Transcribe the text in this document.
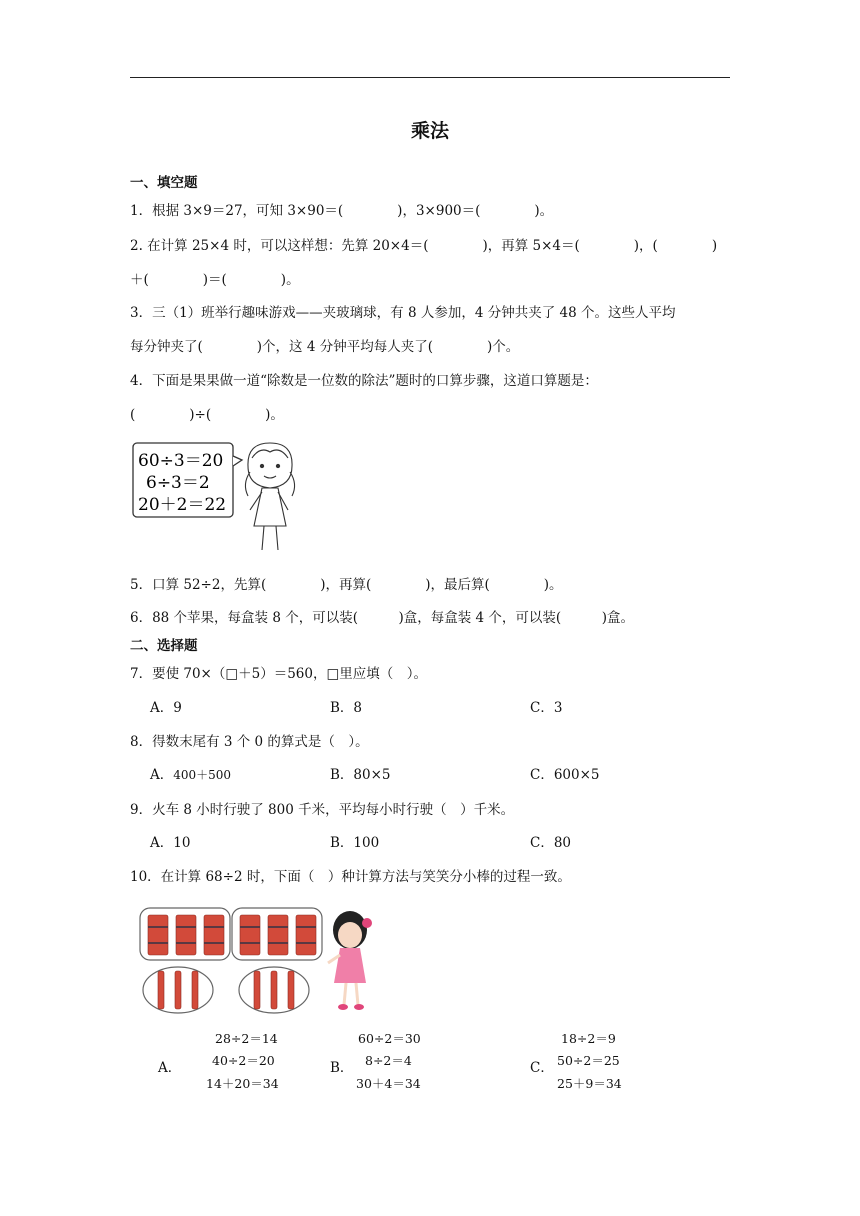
乘法
一、填空题
1．根据 3×9＝27，可知 3×90＝(　　　　)，3×900＝(　　　　)。
2. 在计算 25×4 时，可以这样想：先算 20×4＝(　　　　)，再算 5×4＝(　　　　)，(　　　　)
＋(　　　　)＝(　　　　)。
3．三（1）班举行趣味游戏——夹玻璃球，有 8 人参加，4 分钟共夹了 48 个。这些人平均
每分钟夹了(　　　　)个，这 4 分钟平均每人夹了(　　　　)个。
4．下面是果果做一道“除数是一位数的除法”题时的口算步骤，这道口算题是：
(　　　　)÷(　　　　)。
60÷3＝20
6÷3＝2
20＋2＝22
5．口算 52÷2，先算(　　　　)，再算(　　　　)，最后算(　　　　)。
6．88 个苹果，每盒装 8 个，可以装(　　　)盒，每盒装 4 个，可以装(　　　)盒。
二、选择题
7．要使 70×（□＋5）＝560，□里应填（　）。
A．9	B．8	C．3
8．得数末尾有 3 个 0 的算式是（　）。
A．400＋500	B．80×5	C．600×5
9．火车 8 小时行驶了 800 千米，平均每小时行驶（　）千米。
A．10	B．100	C．80
10．在计算 68÷2 时，下面（　）种计算方法与笑笑分小棒的过程一致。
A．
28÷2＝14
40÷2＝20
14＋20＝34
B．
60÷2＝30
8÷2＝4
30＋4＝34
C．
18÷2＝9
50÷2＝25
25＋9＝34
